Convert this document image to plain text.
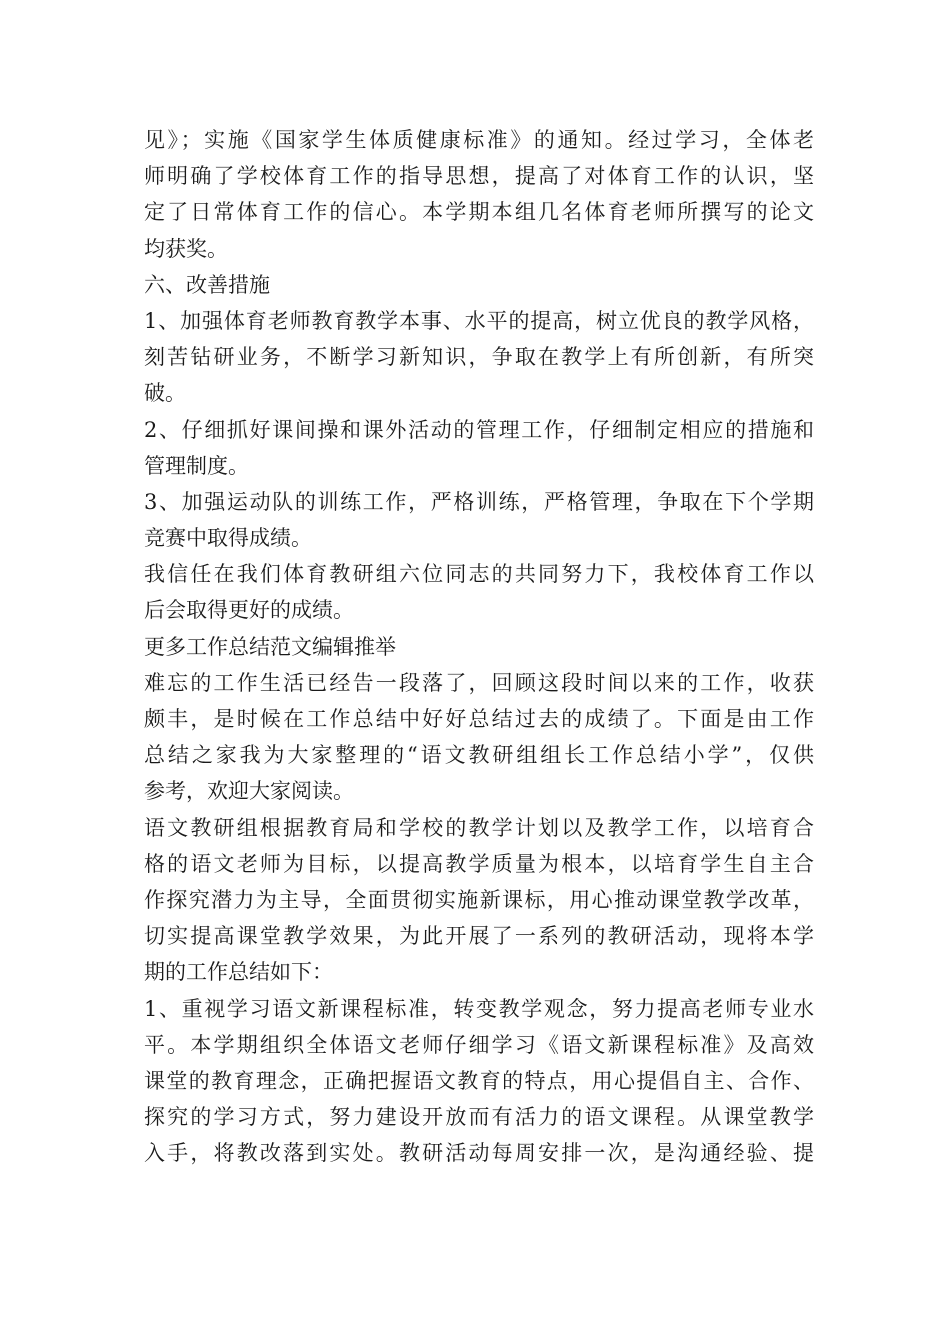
见》；实施《国家学生体质健康标准》的通知。经过学习，全体老
师明确了学校体育工作的指导思想，提高了对体育工作的认识，坚
定了日常体育工作的信心。本学期本组几名体育老师所撰写的论文
均获奖。
六、改善措施
1、加强体育老师教育教学本事、水平的提高，树立优良的教学风格，
刻苦钻研业务，不断学习新知识，争取在教学上有所创新，有所突
破。
2、仔细抓好课间操和课外活动的管理工作，仔细制定相应的措施和
管理制度。
3、加强运动队的训练工作，严格训练，严格管理，争取在下个学期
竞赛中取得成绩。
我信任在我们体育教研组六位同志的共同努力下，我校体育工作以
后会取得更好的成绩。
更多工作总结范文编辑推举
难忘的工作生活已经告一段落了，回顾这段时间以来的工作，收获
颇丰，是时候在工作总结中好好总结过去的成绩了。下面是由工作
总结之家我为大家整理的“语文教研组组长工作总结小学”，仅供
参考，欢迎大家阅读。
语文教研组根据教育局和学校的教学计划以及教学工作，以培育合
格的语文老师为目标，以提高教学质量为根本，以培育学生自主合
作探究潜力为主导，全面贯彻实施新课标，用心推动课堂教学改革，
切实提高课堂教学效果，为此开展了一系列的教研活动，现将本学
期的工作总结如下：
1、重视学习语文新课程标准，转变教学观念，努力提高老师专业水
平。本学期组织全体语文老师仔细学习《语文新课程标准》及高效
课堂的教育理念，正确把握语文教育的特点，用心提倡自主、合作、
探究的学习方式，努力建设开放而有活力的语文课程。从课堂教学
入手，将教改落到实处。教研活动每周安排一次，是沟通经验、提
